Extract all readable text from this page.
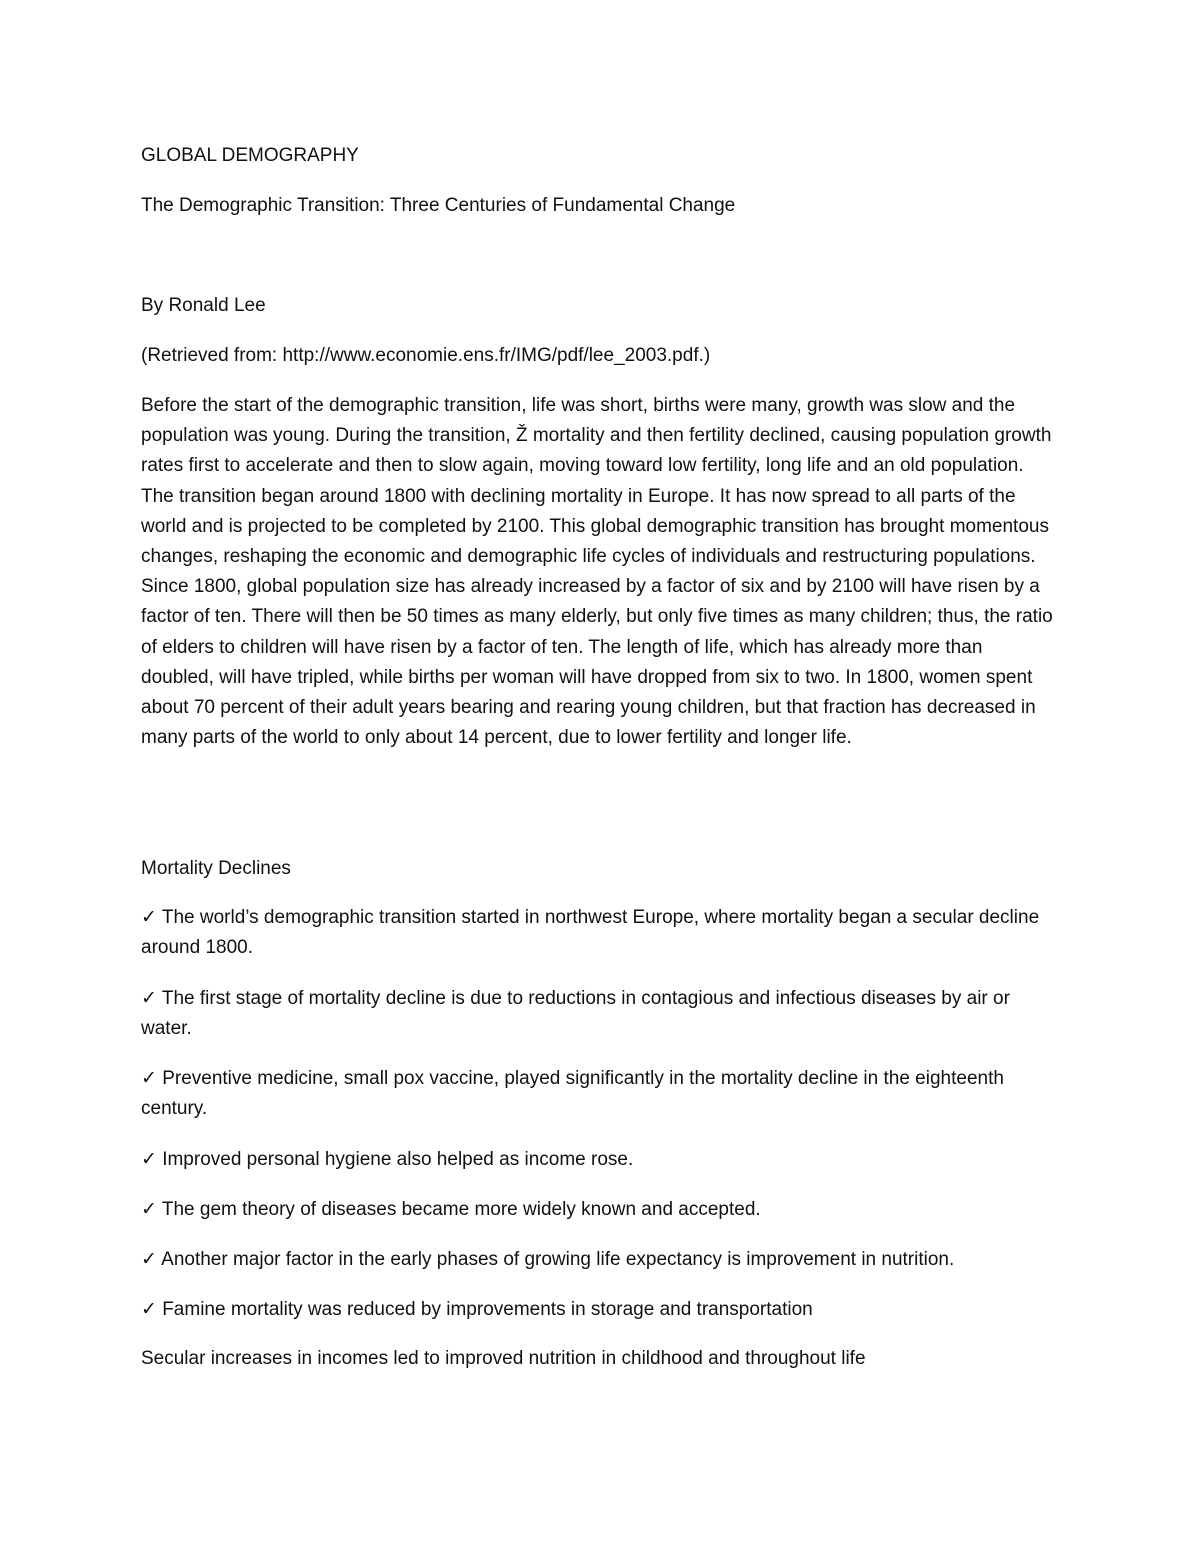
GLOBAL DEMOGRAPHY
The Demographic Transition: Three Centuries of Fundamental Change
By Ronald Lee
(Retrieved from: http://www.economie.ens.fr/IMG/pdf/lee_2003.pdf.)

Before the start of the demographic transition, life was short, births were many, growth was slow and the population was young. During the transition, Ž mortality and then fertility declined, causing population growth rates first to accelerate and then to slow again, moving toward low fertility, long life and an old population. The transition began around 1800 with declining mortality in Europe. It has now spread to all parts of the world and is projected to be completed by 2100. This global demographic transition has brought momentous changes, reshaping the economic and demographic life cycles of individuals and restructuring populations. Since 1800, global population size has already increased by a factor of six and by 2100 will have risen by a factor of ten. There will then be 50 times as many elderly, but only five times as many children; thus, the ratio of elders to children will have risen by a factor of ten. The length of life, which has already more than doubled, will have tripled, while births per woman will have dropped from six to two. In 1800, women spent about 70 percent of their adult years bearing and rearing young children, but that fraction has decreased in many parts of the world to only about 14 percent, due to lower fertility and longer life.

Mortality Declines

✓ The world’s demographic transition started in northwest Europe, where mortality began a secular decline around 1800.

✓ The first stage of mortality decline is due to reductions in contagious and infectious diseases by air or water.

✓ Preventive medicine, small pox vaccine, played significantly in the mortality decline in the eighteenth century.

✓ Improved personal hygiene also helped as income rose.

✓ The gem theory of diseases became more widely known and accepted.

✓ Another major factor in the early phases of growing life expectancy is improvement in nutrition.

✓ Famine mortality was reduced by improvements in storage and transportation

Secular increases in incomes led to improved nutrition in childhood and throughout life
